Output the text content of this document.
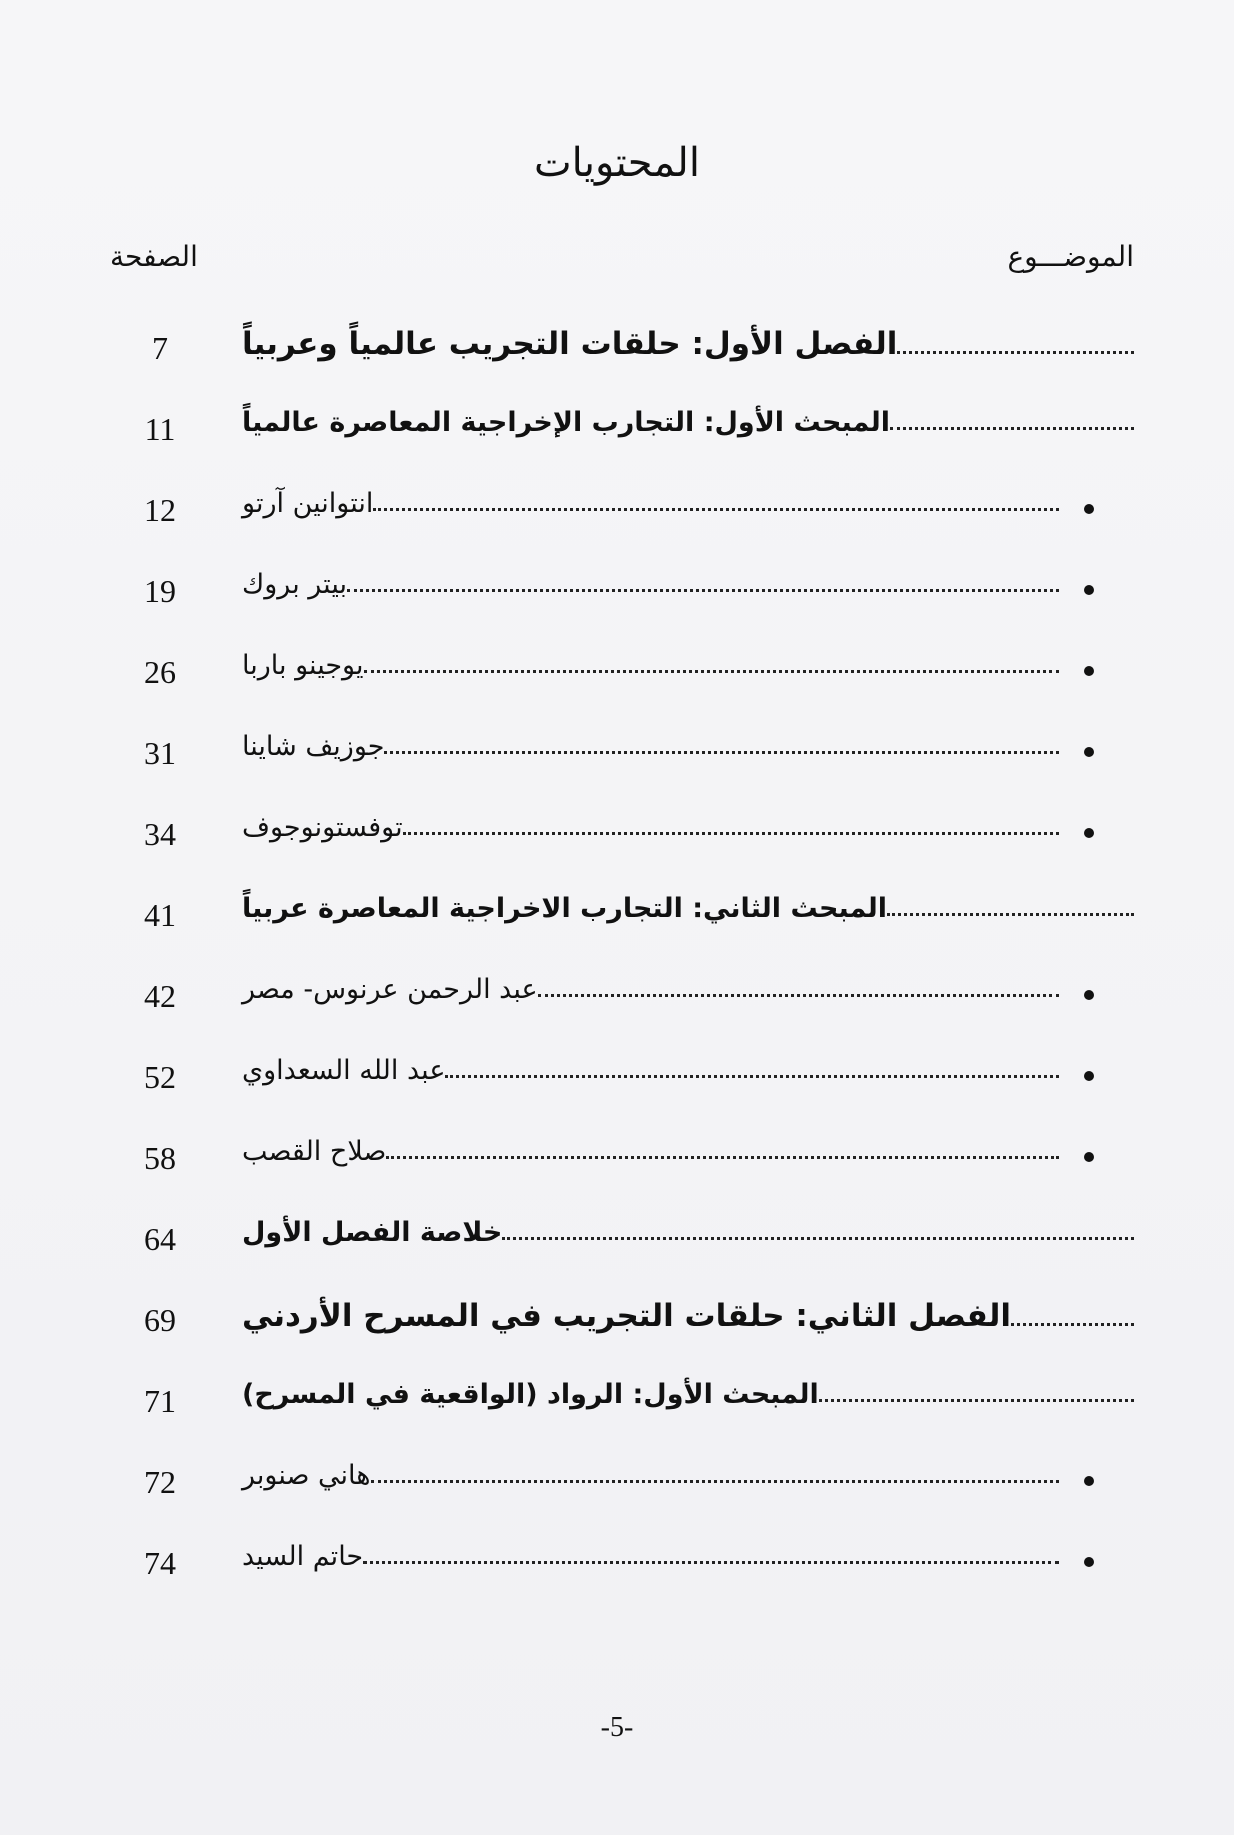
المحتويات
الموضـــوع
الصفحة
7	الفصل الأول: حلقات التجريب عالمياً وعربياً
11	المبحث الأول: التجارب الإخراجية المعاصرة عالمياً
12	انتوانين آرتو
19	بيتر بروك
26	يوجينو باربا
31	جوزيف شاينا
34	توفستونوجوف
41	المبحث الثاني: التجارب الاخراجية المعاصرة عربياً
42	عبد الرحمن عرنوس- مصر
52	عبد الله السعداوي
58	صلاح القصب
64	خلاصة الفصل الأول
69	الفصل الثاني: حلقات التجريب في المسرح الأردني
71	المبحث الأول: الرواد (الواقعية في المسرح)
72	هاني صنوبر
74	حاتم السيد
-5-
